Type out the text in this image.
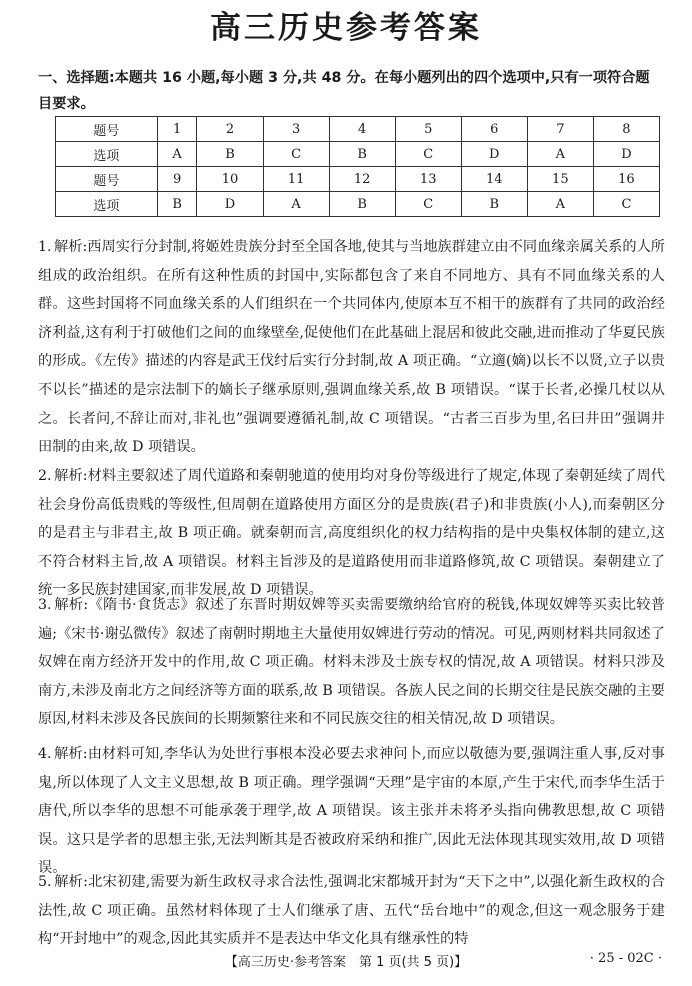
高三历史参考答案
一、选择题:本题共 16 小题,每小题 3 分,共 48 分。在每小题列出的四个选项中,只有一项符合题目要求。
题号	1	2	3	4	5	6	7	8
选项	A	B	C	B	C	D	A	D
题号	9	10	11	12	13	14	15	16
选项	B	D	A	B	C	B	A	C
1. 解析:西周实行分封制,将姬姓贵族分封至全国各地,使其与当地族群建立由不同血缘亲属关系的人所组成的政治组织。在所有这种性质的封国中,实际都包含了来自不同地方、具有不同血缘关系的人群。这些封国将不同血缘关系的人们组织在一个共同体内,使原本互不相干的族群有了共同的政治经济利益,这有利于打破他们之间的血缘壁垒,促使他们在此基础上混居和彼此交融,进而推动了华夏民族的形成。《左传》描述的内容是武王伐纣后实行分封制,故 A 项正确。“立適(嫡)以长不以贤,立子以贵不以长”描述的是宗法制下的嫡长子继承原则,强调血缘关系,故 B 项错误。“谋于长者,必操几杖以从之。长者问,不辞让而对,非礼也”强调要遵循礼制,故 C 项错误。“古者三百步为里,名曰井田”强调井田制的由来,故 D 项错误。
2. 解析:材料主要叙述了周代道路和秦朝驰道的使用均对身份等级进行了规定,体现了秦朝延续了周代社会身份高低贵贱的等级性,但周朝在道路使用方面区分的是贵族(君子)和非贵族(小人),而秦朝区分的是君主与非君主,故 B 项正确。就秦朝而言,高度组织化的权力结构指的是中央集权体制的建立,这不符合材料主旨,故 A 项错误。材料主旨涉及的是道路使用而非道路修筑,故 C 项错误。秦朝建立了统一多民族封建国家,而非发展,故 D 项错误。
3. 解析:《隋书·食货志》叙述了东晋时期奴婢等买卖需要缴纳给官府的税钱,体现奴婢等买卖比较普遍;《宋书·谢弘微传》叙述了南朝时期地主大量使用奴婢进行劳动的情况。可见,两则材料共同叙述了奴婢在南方经济开发中的作用,故 C 项正确。材料未涉及士族专权的情况,故 A 项错误。材料只涉及南方,未涉及南北方之间经济等方面的联系,故 B 项错误。各族人民之间的长期交往是民族交融的主要原因,材料未涉及各民族间的长期频繁往来和不同民族交往的相关情况,故 D 项错误。
4. 解析:由材料可知,李华认为处世行事根本没必要去求神问卜,而应以敬德为要,强调注重人事,反对事鬼,所以体现了人文主义思想,故 B 项正确。理学强调“天理”是宇宙的本原,产生于宋代,而李华生活于唐代,所以李华的思想不可能承袭于理学,故 A 项错误。该主张并未将矛头指向佛教思想,故 C 项错误。这只是学者的思想主张,无法判断其是否被政府采纳和推广,因此无法体现其现实效用,故 D 项错误。
5. 解析:北宋初建,需要为新生政权寻求合法性,强调北宋都城开封为“天下之中”,以强化新生政权的合法性,故 C 项正确。虽然材料体现了士人们继承了唐、五代“岳台地中”的观念,但这一观念服务于建构“开封地中”的观念,因此其实质并不是表达中华文化具有继承性的特
【高三历史·参考答案　第 1 页(共 5 页)】	· 25 - 02C ·
